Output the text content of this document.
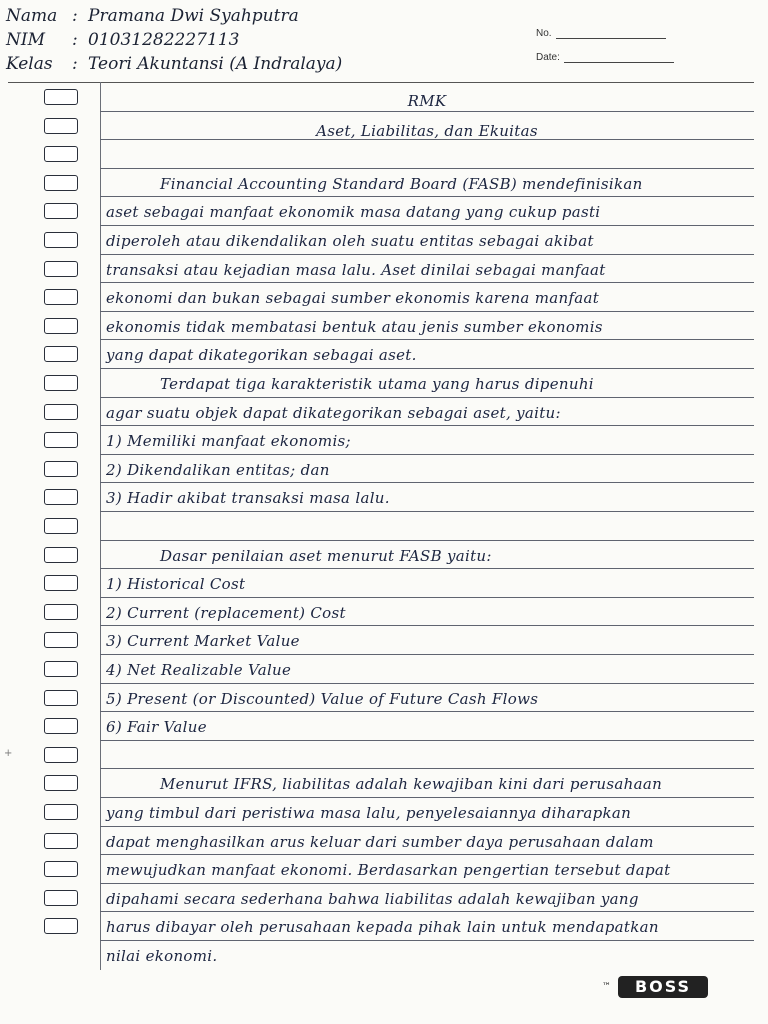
Nama : Pramana Dwi Syahputra
NIM : 01031282227113
Kelas : Teori Akuntansi (A Indralaya)
No.
Date:
RMK
Aset, Liabilitas, dan Ekuitas
Financial Accounting Standard Board (FASB) mendefinisikan
aset sebagai manfaat ekonomik masa datang yang cukup pasti
diperoleh atau dikendalikan oleh suatu entitas sebagai akibat
transaksi atau kejadian masa lalu. Aset dinilai sebagai manfaat
ekonomi dan bukan sebagai sumber ekonomis karena manfaat
ekonomis tidak membatasi bentuk atau jenis sumber ekonomis
yang dapat dikategorikan sebagai aset.
Terdapat tiga karakteristik utama yang harus dipenuhi
agar suatu objek dapat dikategorikan sebagai aset, yaitu:
1) Memiliki manfaat ekonomis;
2) Dikendalikan entitas; dan
3) Hadir akibat transaksi masa lalu.
Dasar penilaian aset menurut FASB yaitu:
1) Historical Cost
2) Current (replacement) Cost
3) Current Market Value
4) Net Realizable Value
5) Present (or Discounted) Value of Future Cash Flows
6) Fair Value
Menurut IFRS, liabilitas adalah kewajiban kini dari perusahaan
yang timbul dari peristiwa masa lalu, penyelesaiannya diharapkan
dapat menghasilkan arus keluar dari sumber daya perusahaan dalam
mewujudkan manfaat ekonomi. Berdasarkan pengertian tersebut dapat
dipahami secara sederhana bahwa liabilitas adalah kewajiban yang
harus dibayar oleh perusahaan kepada pihak lain untuk mendapatkan
nilai ekonomi.
+
™	BOSS
